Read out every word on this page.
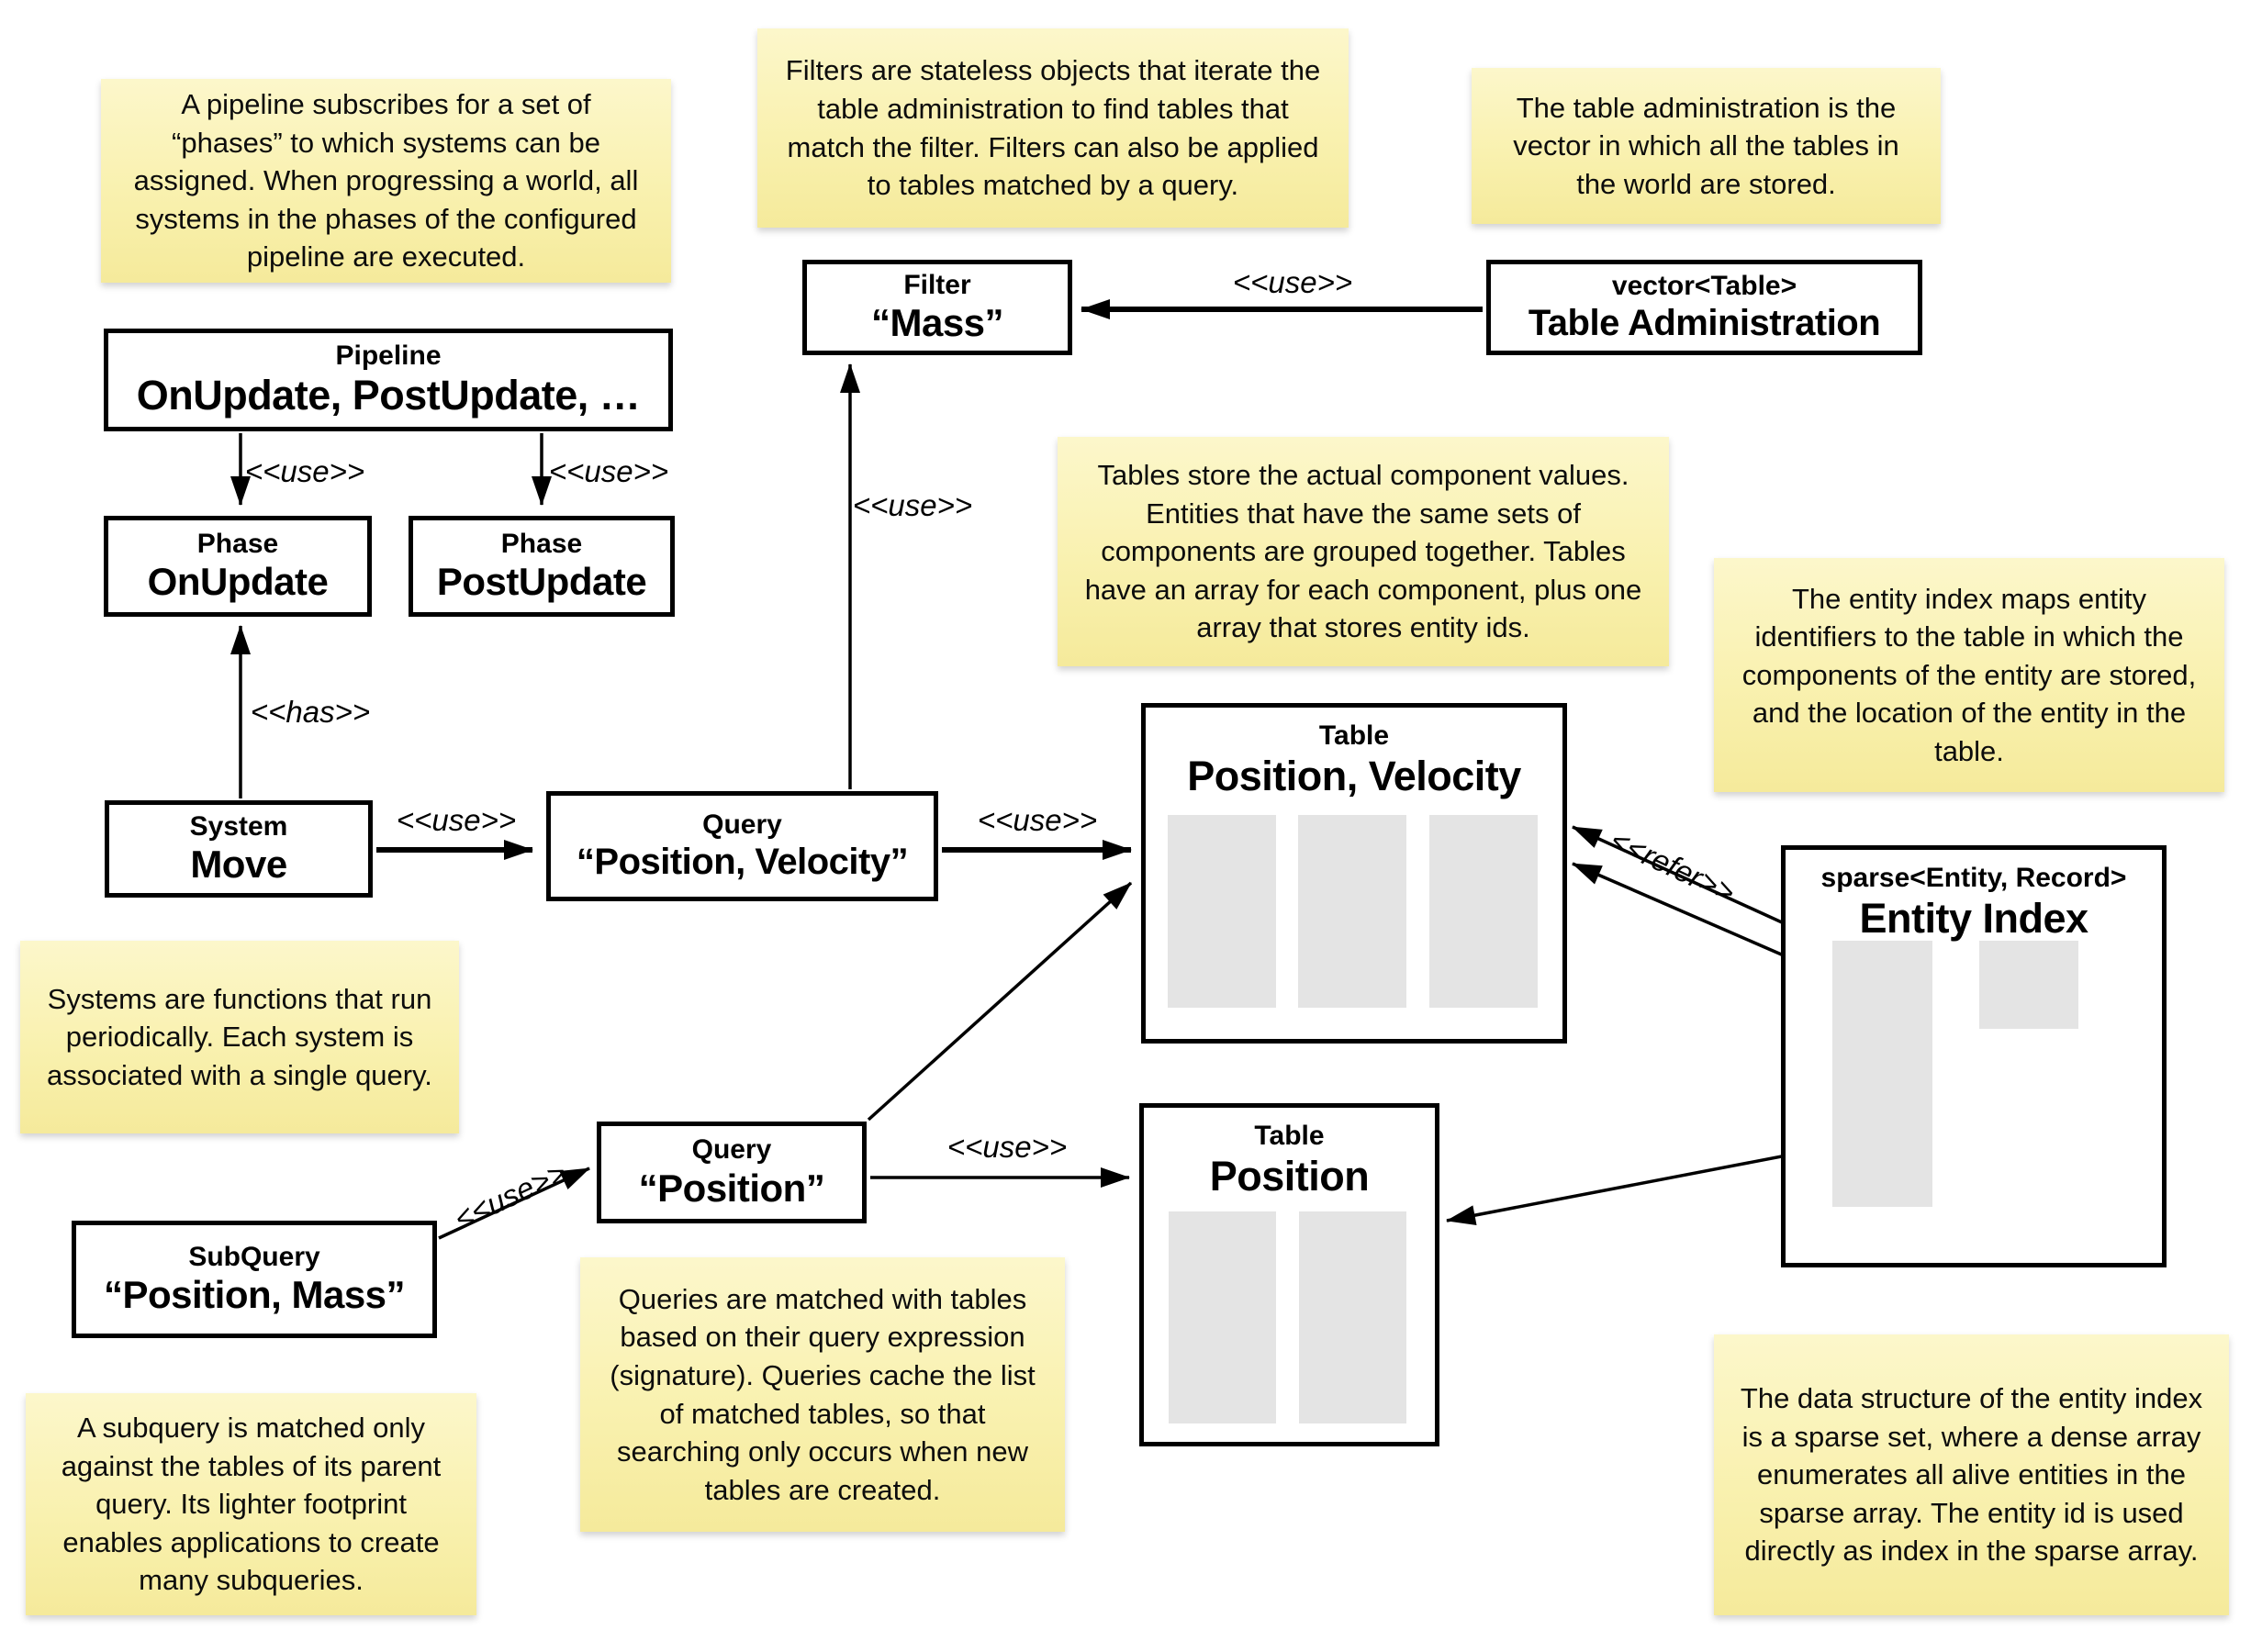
A pipeline subscribes for a set of “phases” to which systems can be assigned. When progressing a world, all systems in the phases of the configured pipeline are executed.
Filters are stateless objects that iterate the table administration to find tables that match the filter. Filters can also be applied to tables matched by a query.
The table administration is the vector in which all the tables in the world are stored.
Tables store the actual component values. Entities that have the same sets of components are grouped together. Tables have an array for each component, plus one array that stores entity ids.
The entity index maps entity identifiers to the table in which the components of the entity are stored, and the location of the entity in the table.
Systems are functions that run periodically. Each system is associated with a single query.
Queries are matched with tables based on their query expression (signature). Queries cache the list of matched tables, so that searching only occurs when new tables are created.
A subquery is matched only against the tables of its parent query. Its lighter footprint enables applications to create many subqueries.
The data structure of the entity index is a sparse set, where a dense array enumerates all alive entities in the sparse array. The entity id is used directly as index in the sparse array.
Pipeline
OnUpdate, PostUpdate, …
Phase
OnUpdate
Phase
PostUpdate
System
Move
Query
“Position, Velocity”
Filter
“Mass”
vector<Table>
Table Administration
Table
Position, Velocity
Table
Position
sparse<Entity, Record>
Entity Index
Query
“Position”
SubQuery
“Position, Mass”
<<use>>	<<use>>
<<has>>
<<use>>
<<use>>
<<use>>
<<use>>
<<use>>
<<use>>
<<refer>>
